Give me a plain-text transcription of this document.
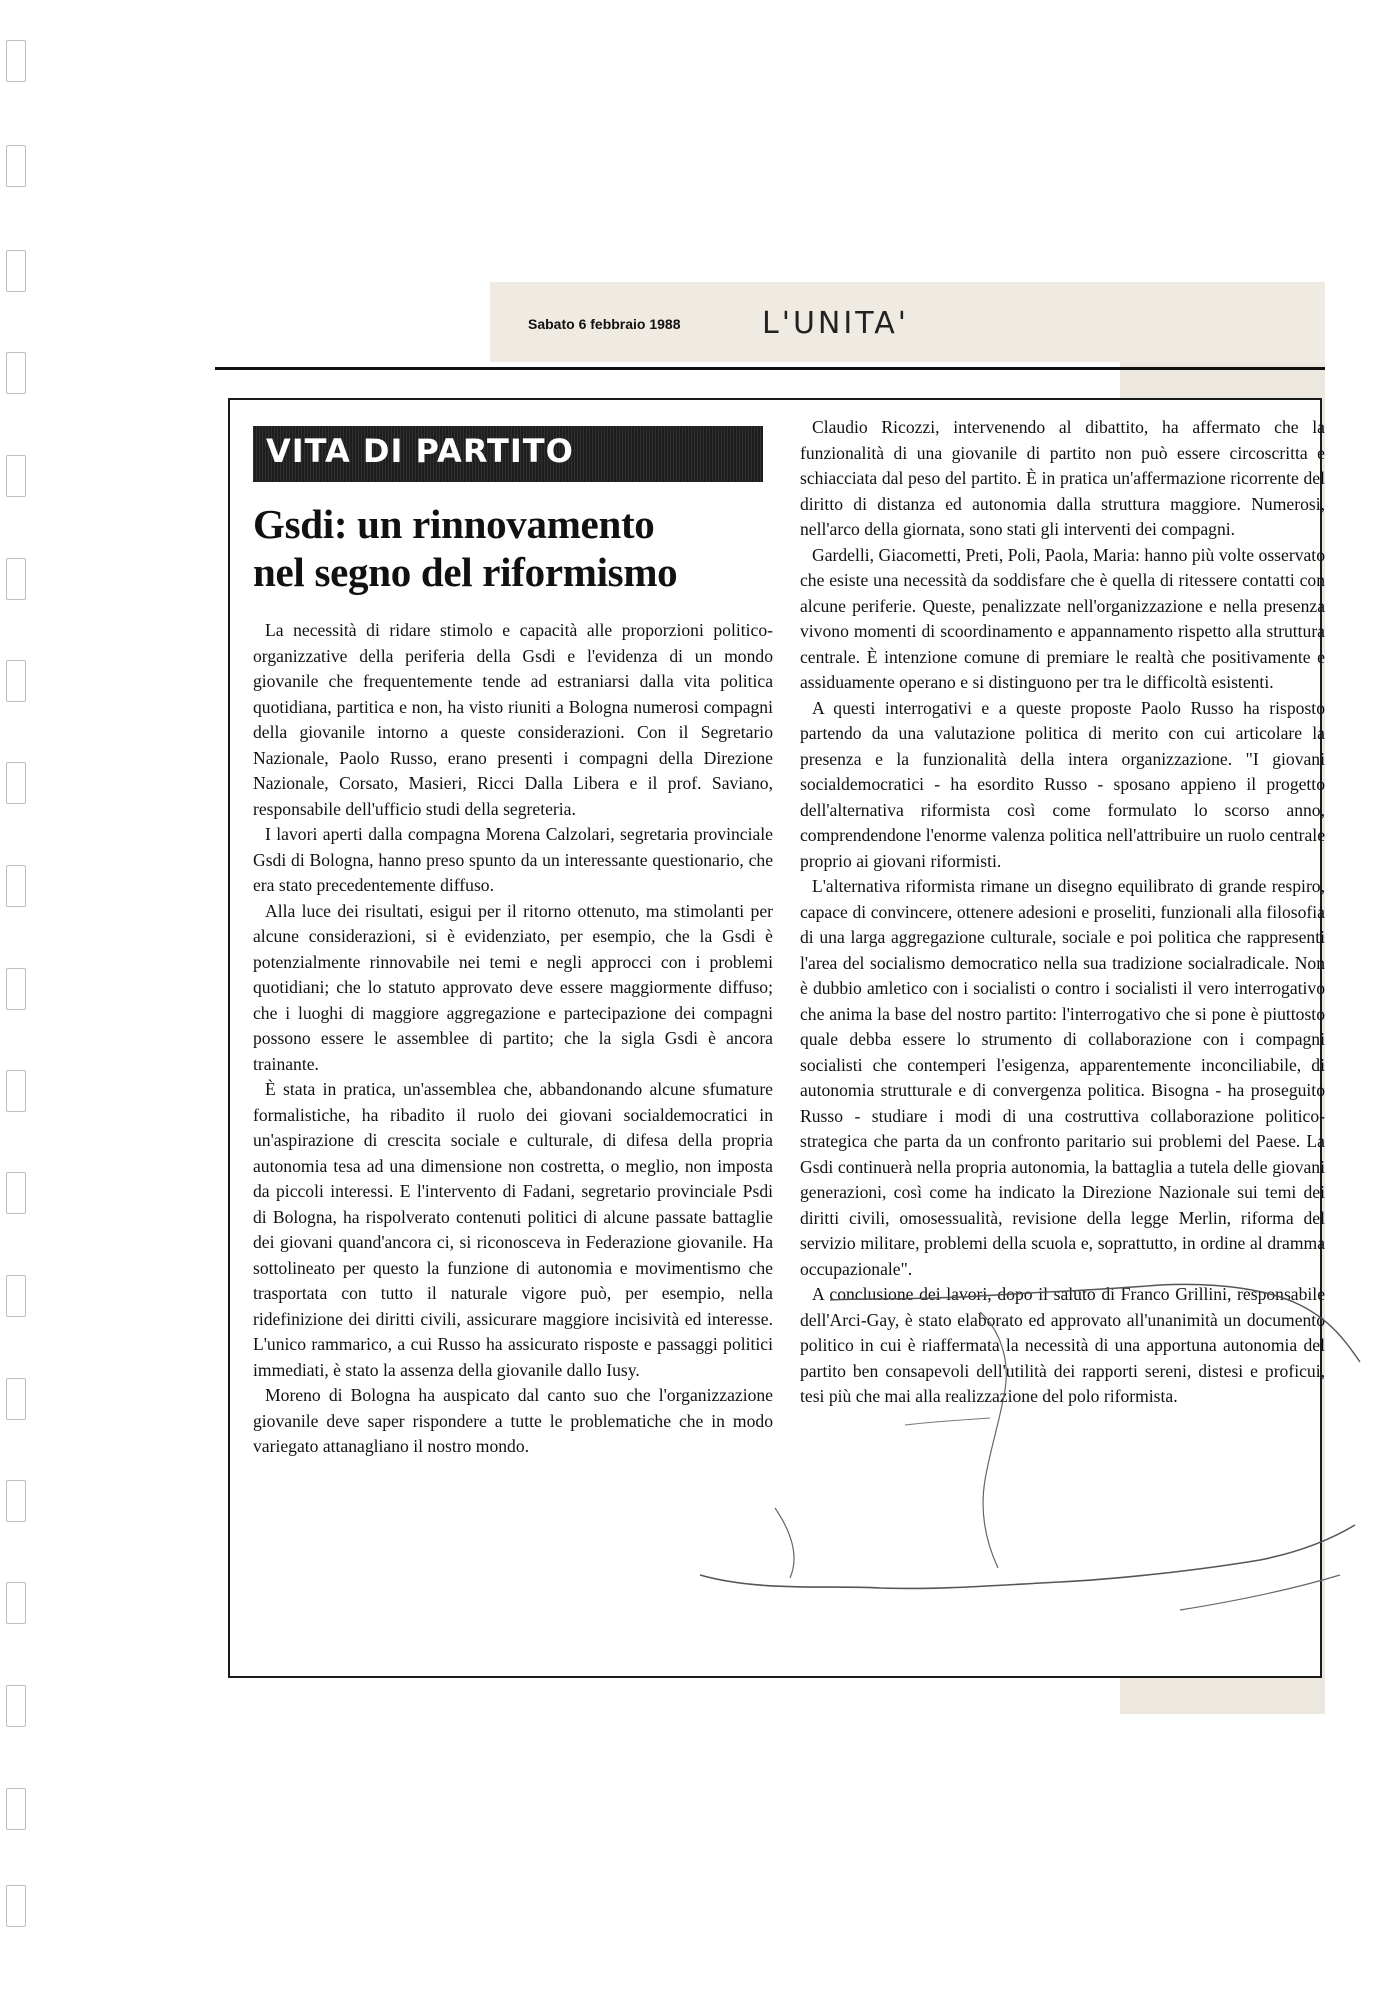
Sabato 6 febbraio 1988	L'UNITA'
VITA DI PARTITO
Gsdi: un rinnovamento
nel segno del riformismo

La necessità di ridare stimolo e capacità alle proporzioni politico-organizzative della periferia della Gsdi e l'evidenza di un mondo giovanile che frequentemente tende ad estraniarsi dalla vita politica quotidiana, partitica e non, ha visto riuniti a Bologna numerosi compagni della giovanile intorno a queste considerazioni. Con il Segretario Nazionale, Paolo Russo, erano presenti i compagni della Direzione Nazionale, Corsato, Masieri, Ricci Dalla Libera e il prof. Saviano, responsabile dell'ufficio studi della segreteria.

I lavori aperti dalla compagna Morena Calzolari, segretaria provinciale Gsdi di Bologna, hanno preso spunto da un interessante questionario, che era stato precedentemente diffuso.

Alla luce dei risultati, esigui per il ritorno ottenuto, ma stimolanti per alcune considerazioni, si è evidenziato, per esempio, che la Gsdi è potenzialmente rinnovabile nei temi e negli approcci con i problemi quotidiani; che lo statuto approvato deve essere maggiormente diffuso; che i luoghi di maggiore aggregazione e partecipazione dei compagni possono essere le assemblee di partito; che la sigla Gsdi è ancora trainante.

È stata in pratica, un'assemblea che, abbandonando alcune sfumature formalistiche, ha ribadito il ruolo dei giovani socialdemocratici in un'aspirazione di crescita sociale e culturale, di difesa della propria autonomia tesa ad una dimensione non costretta, o meglio, non imposta da piccoli interessi. E l'intervento di Fadani, segretario provinciale Psdi di Bologna, ha rispolverato contenuti politici di alcune passate battaglie dei giovani quand'ancora ci, si riconosceva in Federazione giovanile. Ha sottolineato per questo la funzione di autonomia e movimentismo che trasportata con tutto il naturale vigore può, per esempio, nella ridefinizione dei diritti civili, assicurare maggiore incisività ed interesse. L'unico rammarico, a cui Russo ha assicurato risposte e passaggi politici immediati, è stato la assenza della giovanile dallo Iusy.

Moreno di Bologna ha auspicato dal canto suo che l'organizzazione giovanile deve saper rispondere a tutte le problematiche che in modo variegato attanagliano il nostro mondo.

Claudio Ricozzi, intervenendo al dibattito, ha affermato che la funzionalità di una giovanile di partito non può essere circoscritta e schiacciata dal peso del partito. È in pratica un'affermazione ricorrente del diritto di distanza ed autonomia dalla struttura maggiore. Numerosi, nell'arco della giornata, sono stati gli interventi dei compagni.

Gardelli, Giacometti, Preti, Poli, Paola, Maria: hanno più volte osservato che esiste una necessità da soddisfare che è quella di ritessere contatti con alcune periferie. Queste, penalizzate nell'organizzazione e nella presenza vivono momenti di scoordinamento e appannamento rispetto alla struttura centrale. È intenzione comune di premiare le realtà che positivamente e assiduamente operano e si distinguono per tra le difficoltà esistenti.

A questi interrogativi e a queste proposte Paolo Russo ha risposto partendo da una valutazione politica di merito con cui articolare la presenza e la funzionalità della intera organizzazione. "I giovani socialdemocratici - ha esordito Russo - sposano appieno il progetto dell'alternativa riformista così come formulato lo scorso anno, comprendendone l'enorme valenza politica nell'attribuire un ruolo centrale proprio ai giovani riformisti.

L'alternativa riformista rimane un disegno equilibrato di grande respiro, capace di convincere, ottenere adesioni e proseliti, funzionali alla filosofia di una larga aggregazione culturale, sociale e poi politica che rappresenti l'area del socialismo democratico nella sua tradizione socialradicale. Non è dubbio amletico con i socialisti o contro i socialisti il vero interrogativo che anima la base del nostro partito: l'interrogativo che si pone è piuttosto quale debba essere lo strumento di collaborazione con i compagni socialisti che contemperi l'esigenza, apparentemente inconciliabile, di autonomia strutturale e di convergenza politica. Bisogna - ha proseguito Russo - studiare i modi di una costruttiva collaborazione politico-strategica che parta da un confronto paritario sui problemi del Paese. La Gsdi continuerà nella propria autonomia, la battaglia a tutela delle giovani generazioni, così come ha indicato la Direzione Nazionale sui temi dei diritti civili, omosessualità, revisione della legge Merlin, riforma del servizio militare, problemi della scuola e, soprattutto, in ordine al dramma occupazionale".

A conclusione dei lavori, dopo il saluto di Franco Grillini, responsabile dell'Arci-Gay, è stato elaborato ed approvato all'unanimità un documento politico in cui è riaffermata la necessità di una apportuna autonomia del partito ben consapevoli dell'utilità dei rapporti sereni, distesi e proficui, tesi più che mai alla realizzazione del polo riformista.
